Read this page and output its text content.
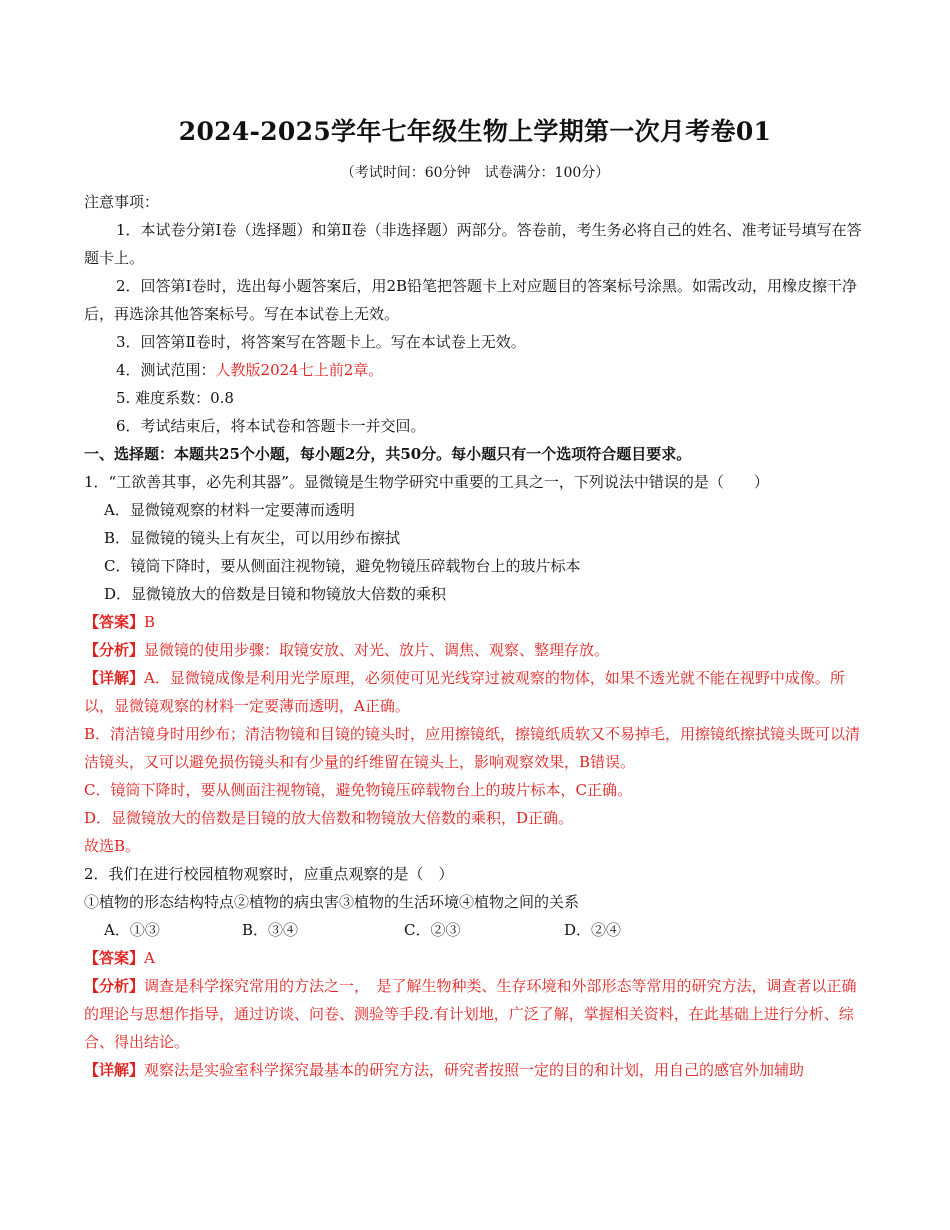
2024-2025学年七年级生物上学期第一次月考卷01
（考试时间：60分钟　试卷满分：100分）

注意事项：

1．本试卷分第Ⅰ卷（选择题）和第Ⅱ卷（非选择题）两部分。答卷前，考生务必将自己的姓名、准考证号填写在答题卡上。

2．回答第Ⅰ卷时，选出每小题答案后，用2B铅笔把答题卡上对应题目的答案标号涂黑。如需改动，用橡皮擦干净后，再选涂其他答案标号。写在本试卷上无效。

3．回答第Ⅱ卷时，将答案写在答题卡上。写在本试卷上无效。

4．测试范围：人教版2024七上前2章。

5. 难度系数：0.8

6．考试结束后，将本试卷和答题卡一并交回。

一、选择题：本题共25个小题，每小题2分，共50分。每小题只有一个选项符合题目要求。

1．“工欲善其事，必先利其器”。显微镜是生物学研究中重要的工具之一，下列说法中错误的是（　　）

A．显微镜观察的材料一定要薄而透明

B．显微镜的镜头上有灰尘，可以用纱布擦拭

C．镜筒下降时，要从侧面注视物镜，避免物镜压碎载物台上的玻片标本

D．显微镜放大的倍数是目镜和物镜放大倍数的乘积

【答案】B

【分析】显微镜的使用步骤：取镜安放、对光、放片、调焦、观察、整理存放。

【详解】A．显微镜成像是利用光学原理，必须使可见光线穿过被观察的物体，如果不透光就不能在视野中成像。所以，显微镜观察的材料一定要薄而透明，A正确。

B．清洁镜身时用纱布；清洁物镜和目镜的镜头时，应用擦镜纸，擦镜纸质软又不易掉毛，用擦镜纸擦拭镜头既可以清洁镜头，又可以避免损伤镜头和有少量的纤维留在镜头上，影响观察效果，B错误。

C．镜筒下降时，要从侧面注视物镜，避免物镜压碎载物台上的玻片标本，C正确。

D．显微镜放大的倍数是目镜的放大倍数和物镜放大倍数的乘积，D正确。

故选B。

2．我们在进行校园植物观察时，应重点观察的是（　）

①植物的形态结构特点②植物的病虫害③植物的生活环境④植物之间的关系

A．①③	B．③④	C．②③	D．②④

【答案】A

【分析】调查是科学探究常用的方法之一，　是了解生物种类、生存环境和外部形态等常用的研究方法，调查者以正确的理论与思想作指导，通过访谈、问卷、测验等手段.有计划地，广泛了解，掌握相关资料，在此基础上进行分析、综合、得出结论。

【详解】观察法是实验室科学探究最基本的研究方法，研究者按照一定的目的和计划，用自己的感官外加辅助
